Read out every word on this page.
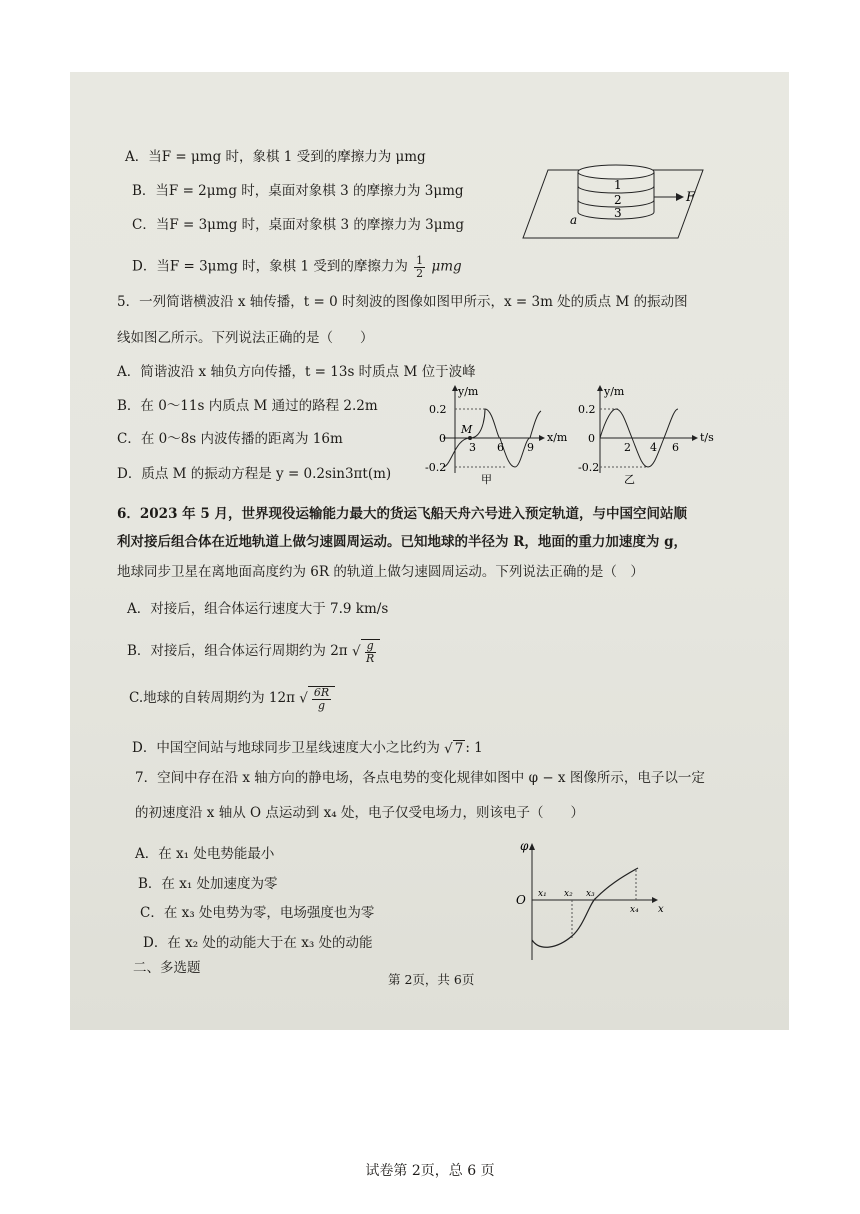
A．当F = μmg 时，象棋 1 受到的摩擦力为 μmg
B．当F = 2μmg 时，桌面对象棋 3 的摩擦力为 3μmg
C．当F = 3μmg 时，桌面对象棋 3 的摩擦力为 3μmg
D．当F = 3μmg 时，象棋 1 受到的摩擦力为 $\frac{1}{2}$ μmg
1
2
3
F
a
5．一列简谐横波沿 x 轴传播，t = 0 时刻波的图像如图甲所示，x = 3m 处的质点 M 的振动图
线如图乙所示。下列说法正确的是（　　）
A．简谐波沿 x 轴负方向传播，t = 13s 时质点 M 位于波峰
B．在 0～11s 内质点 M 通过的路程 2.2m
C．在 0～8s 内波传播的距离为 16m
D．质点 M 的振动方程是 y = 0.2sin3πt(m)
M
y/m
x/m
0.2
-0.2
0
3 6 9
甲
y/m
t/s
0.2
-0.2
0
2 4 6
乙
6．2023 年 5 月，世界现役运输能力最大的货运飞船天舟六号进入预定轨道，与中国空间站顺
利对接后组合体在近地轨道上做匀速圆周运动。已知地球的半径为 R，地面的重力加速度为 g，
地球同步卫星在离地面高度约为 6R 的轨道上做匀速圆周运动。下列说法正确的是（　）
A．对接后，组合体运行速度大于 7.9 km/s
B．对接后，组合体运行周期约为 2π √ $\frac{g}{R}$
C.地球的自转周期约为 12π √ $\frac{6R}{g}$
D．中国空间站与地球同步卫星线速度大小之比约为 √ 7 : 1
7．空间中存在沿 x 轴方向的静电场，各点电势的变化规律如图中 φ − x 图像所示，电子以一定
的初速度沿 x 轴从 O 点运动到 x₄ 处，电子仅受电场力，则该电子（　　）
A．在 x₁ 处电势能最小
B．在 x₁ 处加速度为零
C．在 x₃ 处电势为零，电场强度也为零
D．在 x₂ 处的动能大于在 x₃ 处的动能
φ
O
x
x₁ x₂ x₃
x₄
二、多选题
第 2页，共 6页
试卷第 2页，总 6 页
